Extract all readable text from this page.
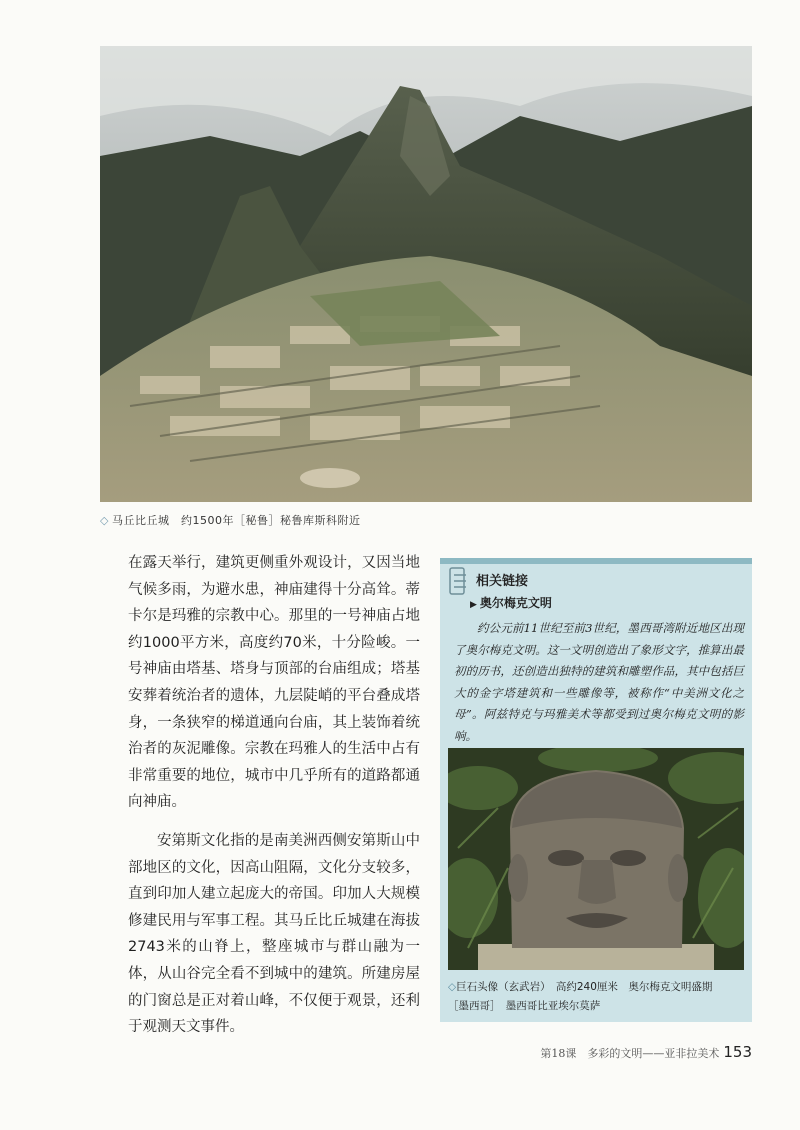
◇ 马丘比丘城　约1500年［秘鲁］秘鲁库斯科附近

在露天举行，建筑更侧重外观设计，又因当地气候多雨，为避水患，神庙建得十分高耸。蒂卡尔是玛雅的宗教中心。那里的一号神庙占地约1000平方米，高度约70米，十分险峻。一号神庙由塔基、塔身与顶部的台庙组成；塔基安葬着统治者的遗体，九层陡峭的平台叠成塔身，一条狭窄的梯道通向台庙，其上装饰着统治者的灰泥雕像。宗教在玛雅人的生活中占有非常重要的地位，城市中几乎所有的道路都通向神庙。

安第斯文化指的是南美洲西侧安第斯山中部地区的文化，因高山阻隔，文化分支较多，直到印加人建立起庞大的帝国。印加人大规模修建民用与军事工程。其马丘比丘城建在海拔2743米的山脊上，整座城市与群山融为一体，从山谷完全看不到城中的建筑。所建房屋的门窗总是正对着山峰，不仅便于观景，还利于观测天文事件。

相关链接
▶ 奥尔梅克文明
约公元前11世纪至前3世纪，墨西哥湾附近地区出现了奥尔梅克文明。这一文明创造出了象形文字，推算出最初的历书，还创造出独特的建筑和雕塑作品，其中包括巨大的金字塔建筑和一些雕像等，被称作“中美洲文化之母”。阿兹特克与玛雅美术等都受到过奥尔梅克文明的影响。
◇巨石头像（玄武岩）　高约240厘米　奥尔梅克文明盛期
［墨西哥］　墨西哥比亚埃尔莫萨
第18课　多彩的文明——亚非拉美术 153
